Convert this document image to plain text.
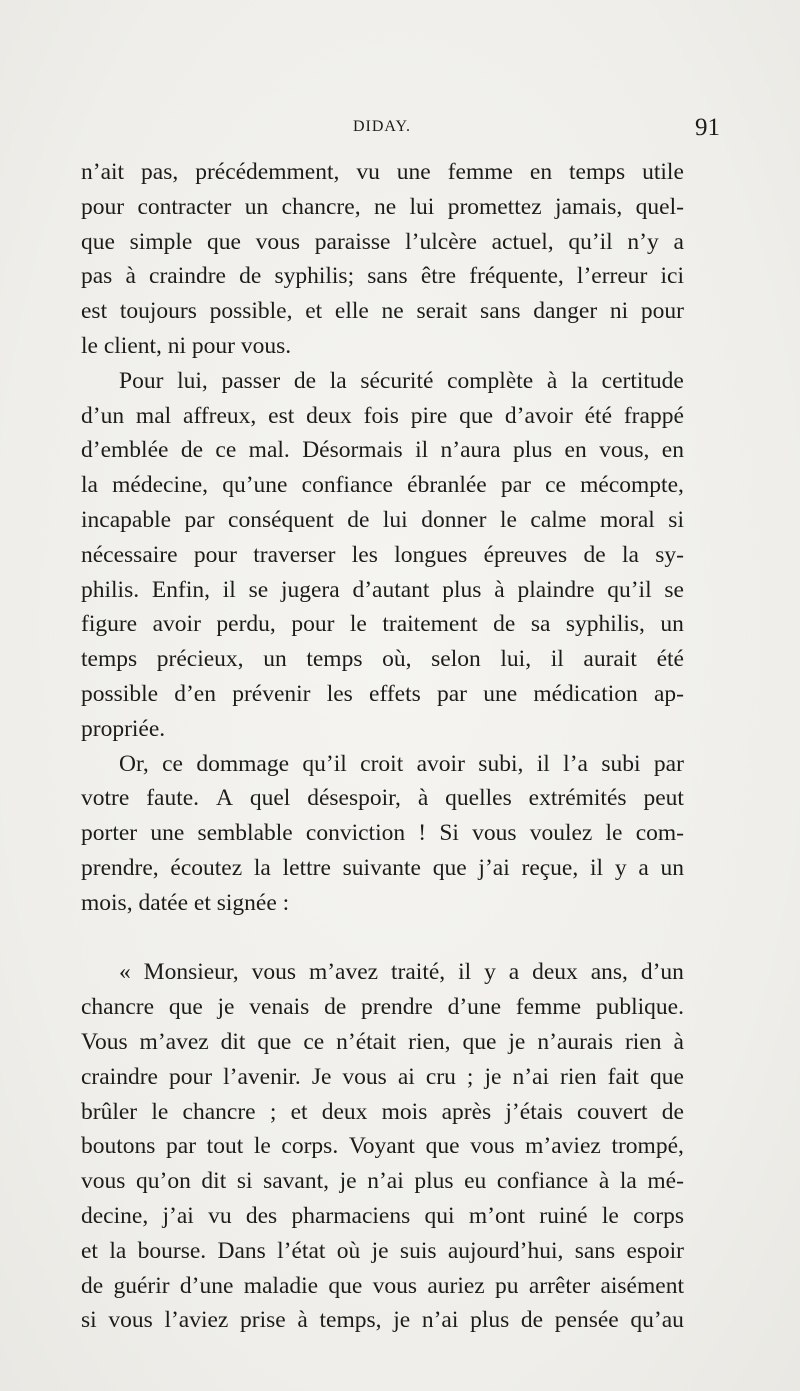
DIDAY.	91
n’ait pas, précédemment, vu une femme en temps utile
pour contracter un chancre, ne lui promettez jamais, quel-
que simple que vous paraisse l’ulcère actuel, qu’il n’y a
pas à craindre de syphilis; sans être fréquente, l’erreur ici
est toujours possible, et elle ne serait sans danger ni pour
le client, ni pour vous.
Pour lui, passer de la sécurité complète à la certitude
d’un mal affreux, est deux fois pire que d’avoir été frappé
d’emblée de ce mal. Désormais il n’aura plus en vous, en
la médecine, qu’une confiance ébranlée par ce mécompte,
incapable par conséquent de lui donner le calme moral si
nécessaire pour traverser les longues épreuves de la sy-
philis. Enfin, il se jugera d’autant plus à plaindre qu’il se
figure avoir perdu, pour le traitement de sa syphilis, un
temps précieux, un temps où, selon lui, il aurait été
possible d’en prévenir les effets par une médication ap-
propriée.
Or, ce dommage qu’il croit avoir subi, il l’a subi par
votre faute. A quel désespoir, à quelles extrémités peut
porter une semblable conviction ! Si vous voulez le com-
prendre, écoutez la lettre suivante que j’ai reçue, il y a un
mois, datée et signée :
« Monsieur, vous m’avez traité, il y a deux ans, d’un
chancre que je venais de prendre d’une femme publique.
Vous m’avez dit que ce n’était rien, que je n’aurais rien à
craindre pour l’avenir. Je vous ai cru ; je n’ai rien fait que
brûler le chancre ; et deux mois après j’étais couvert de
boutons par tout le corps. Voyant que vous m’aviez trompé,
vous qu’on dit si savant, je n’ai plus eu confiance à la mé-
decine, j’ai vu des pharmaciens qui m’ont ruiné le corps
et la bourse. Dans l’état où je suis aujourd’hui, sans espoir
de guérir d’une maladie que vous auriez pu arrêter aisément
si vous l’aviez prise à temps, je n’ai plus de pensée qu’au
